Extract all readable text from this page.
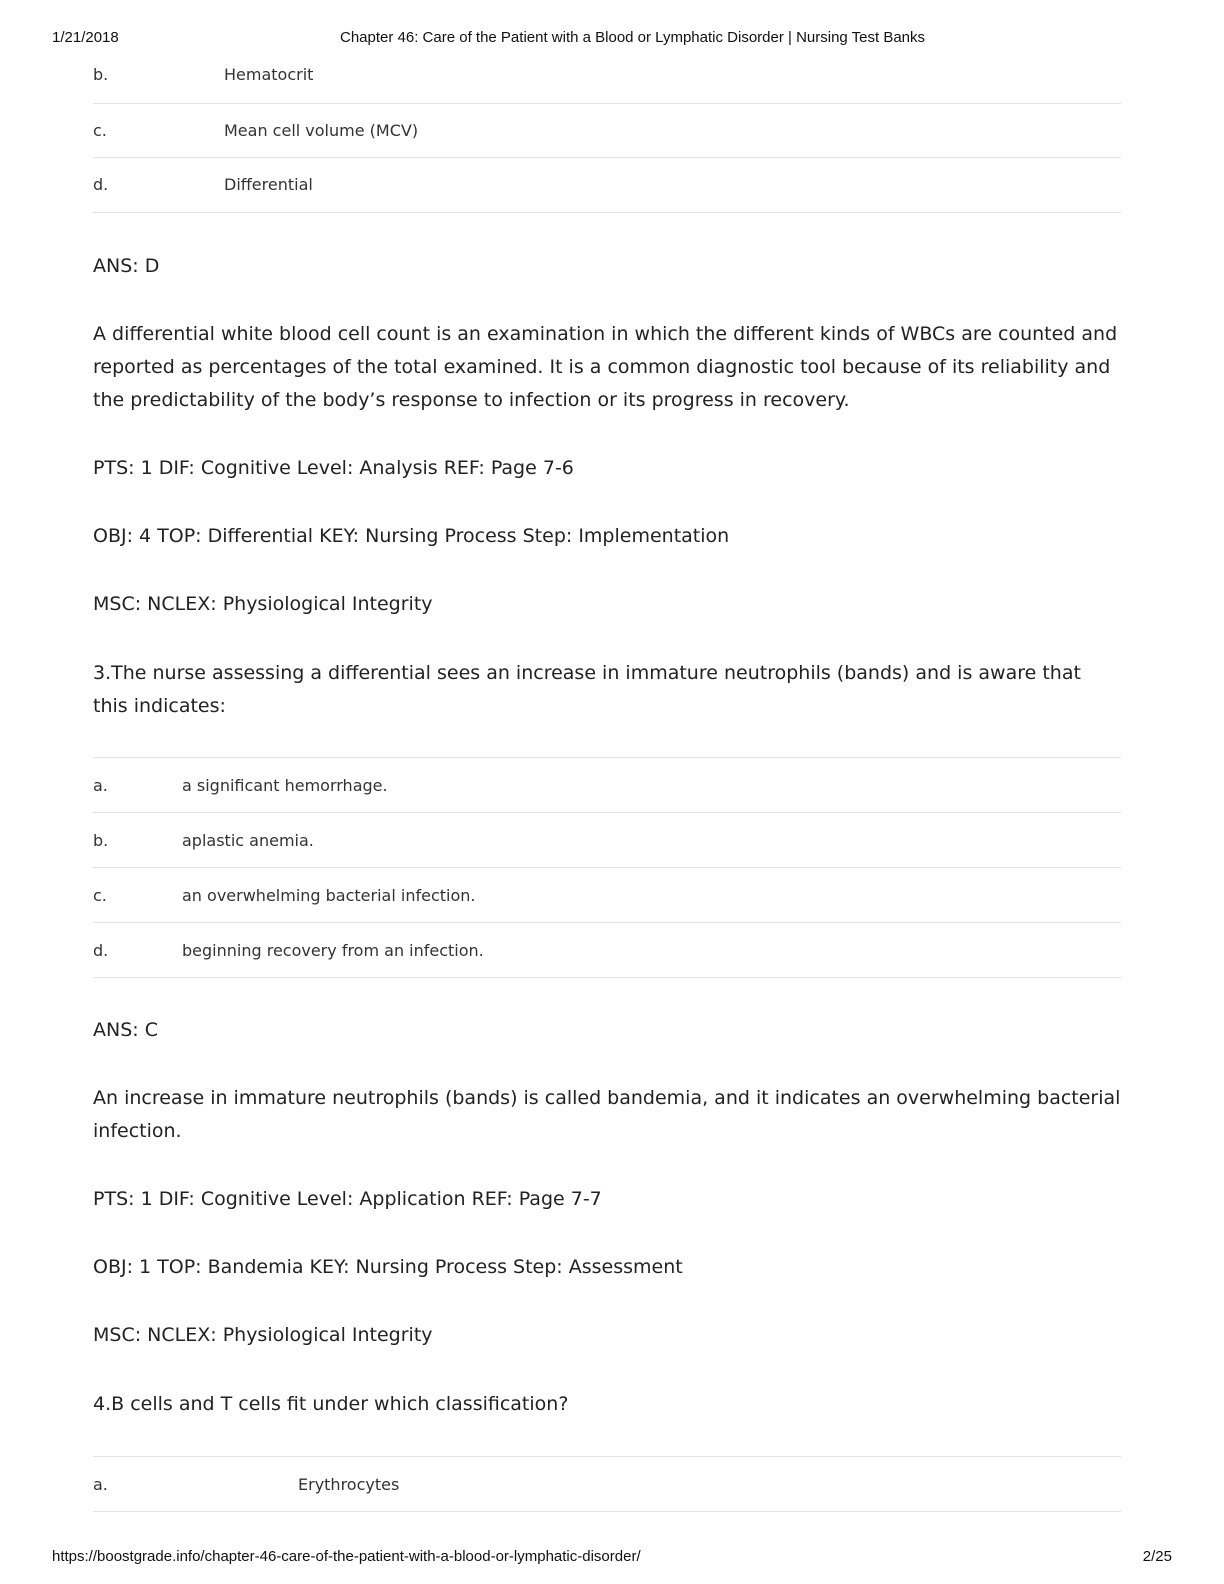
1/21/2018	Chapter 46: Care of the Patient with a Blood or Lymphatic Disorder | Nursing Test Banks
b.	Hematocrit
c.	Mean cell volume (MCV)
d.	Differential

ANS: D

A differential white blood cell count is an examination in which the different kinds of WBCs are counted and reported as percentages of the total examined. It is a common diagnostic tool because of its reliability and the predictability of the body’s response to infection or its progress in recovery.

PTS: 1 DIF: Cognitive Level: Analysis REF: Page 7-6

OBJ: 4 TOP: Differential KEY: Nursing Process Step: Implementation

MSC: NCLEX: Physiological Integrity

3.The nurse assessing a differential sees an increase in immature neutrophils (bands) and is aware that this indicates:

a.	a significant hemorrhage.
b.	aplastic anemia.
c.	an overwhelming bacterial infection.
d.	beginning recovery from an infection.

ANS: C

An increase in immature neutrophils (bands) is called bandemia, and it indicates an overwhelming bacterial infection.

PTS: 1 DIF: Cognitive Level: Application REF: Page 7-7

OBJ: 1 TOP: Bandemia KEY: Nursing Process Step: Assessment

MSC: NCLEX: Physiological Integrity

4.B cells and T cells fit under which classification?

a.	Erythrocytes
https://boostgrade.info/chapter-46-care-of-the-patient-with-a-blood-or-lymphatic-disorder/	2/25
